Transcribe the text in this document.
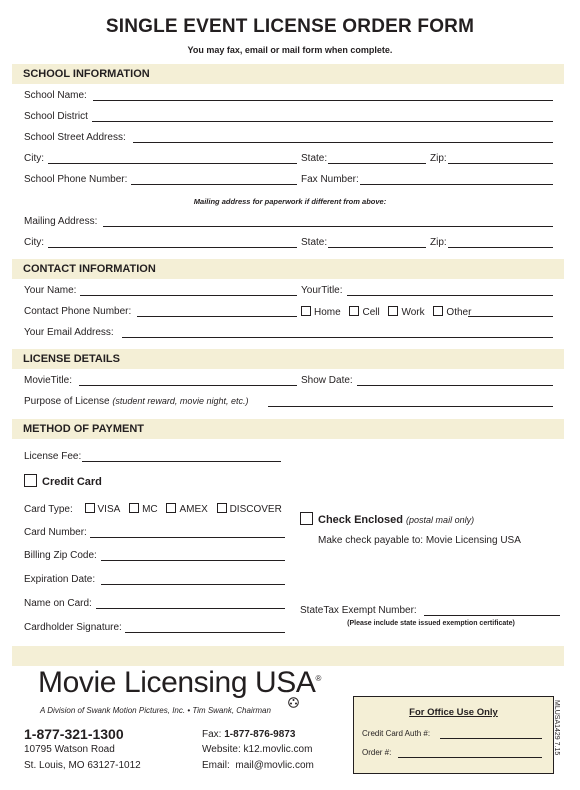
SINGLE EVENT LICENSE ORDER FORM
You may fax, email or mail form when complete.
SCHOOL INFORMATION
School Name:
School District
School Street Address:
City:	State:	Zip:
School Phone Number:	Fax Number:
Mailing address for paperwork if different from above:
Mailing Address:
City:	State:	Zip:
CONTACT INFORMATION
Your Name:	YourTitle:
Contact Phone Number:	Home Cell Work Other
Your Email Address:
LICENSE DETAILS
MovieTitle:	Show Date:
Purpose of License (student reward, movie night, etc.)
METHOD OF PAYMENT
License Fee:
Credit Card
Card Type: VISA MC AMEX DISCOVER
Card Number:
Billing Zip Code:
Expiration Date:
Name on Card:
Cardholder Signature:
Check Enclosed (postal mail only)
Make check payable to: Movie Licensing USA
StateTax Exempt Number:
(Please include state issued exemption certificate)
Movie Licensing USA®
A Division of Swank Motion Pictures, Inc. • Tim Swank, Chairman
1-877-321-1300
10795 Watson Road
St. Louis, MO 63127-1012
Fax: 1-877-876-9873
Website: k12.movlic.com
Email: mail@movlic.com
For Office Use Only
Credit Card Auth #:
Order #:	MLUSA1429 7.15
